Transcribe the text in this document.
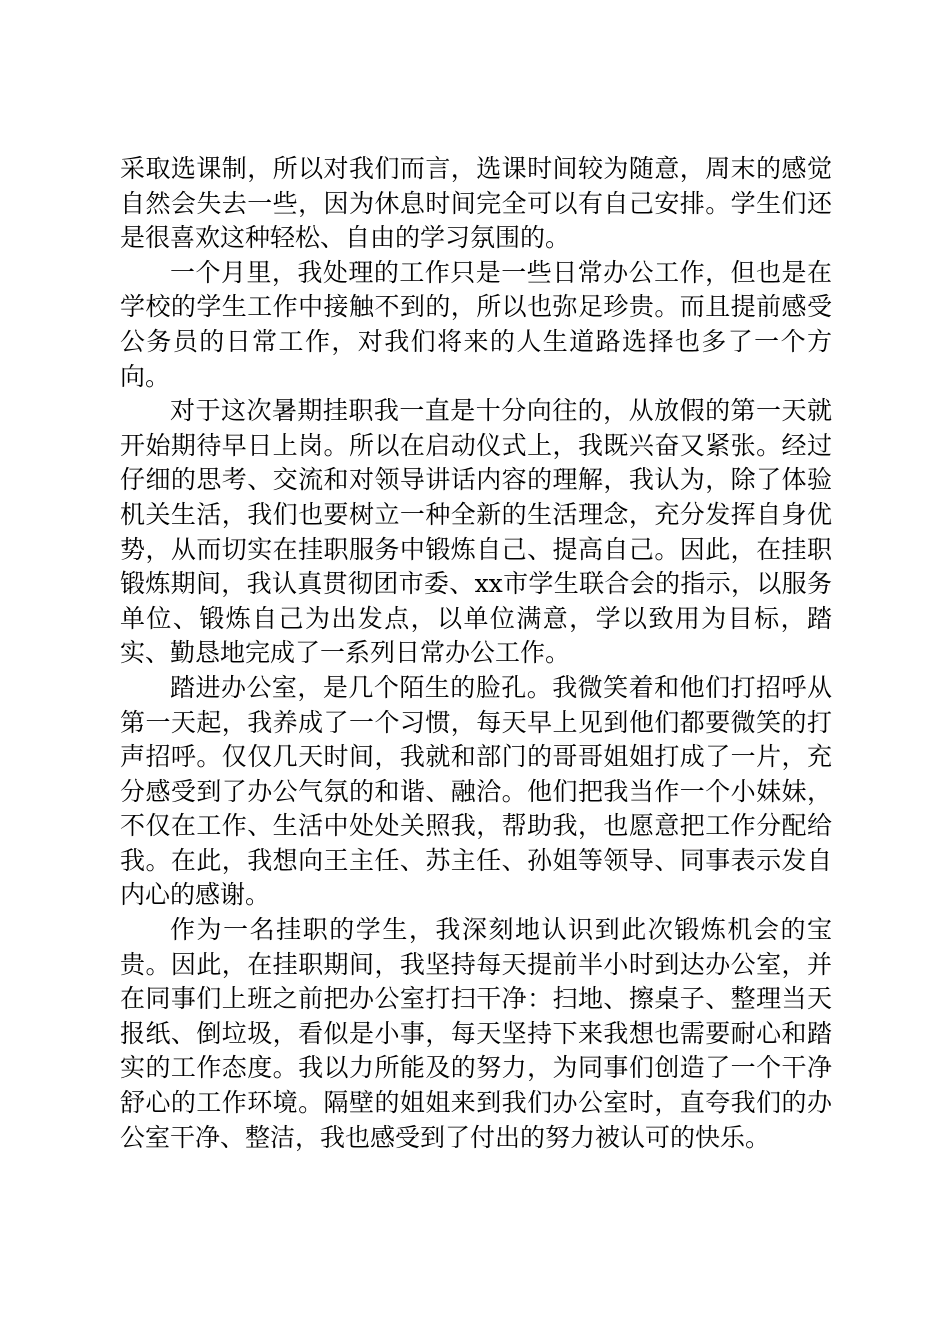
采取选课制，所以对我们而言，选课时间较为随意，周末的感觉自然会失去一些，因为休息时间完全可以有自己安排。学生们还是很喜欢这种轻松、自由的学习氛围的。

一个月里，我处理的工作只是一些日常办公工作，但也是在学校的学生工作中接触不到的，所以也弥足珍贵。而且提前感受公务员的日常工作，对我们将来的人生道路选择也多了一个方向。

对于这次暑期挂职我一直是十分向往的，从放假的第一天就开始期待早日上岗。所以在启动仪式上，我既兴奋又紧张。经过仔细的思考、交流和对领导讲话内容的理解，我认为，除了体验机关生活，我们也要树立一种全新的生活理念，充分发挥自身优势，从而切实在挂职服务中锻炼自己、提高自己。因此，在挂职锻炼期间，我认真贯彻团市委、xx市学生联合会的指示，以服务单位、锻炼自己为出发点，以单位满意，学以致用为目标，踏实、勤恳地完成了一系列日常办公工作。

踏进办公室，是几个陌生的脸孔。我微笑着和他们打招呼从第一天起，我养成了一个习惯，每天早上见到他们都要微笑的打声招呼。仅仅几天时间，我就和部门的哥哥姐姐打成了一片，充分感受到了办公气氛的和谐、融洽。他们把我当作一个小妹妹，不仅在工作、生活中处处关照我，帮助我，也愿意把工作分配给我。在此，我想向王主任、苏主任、孙姐等领导、同事表示发自内心的感谢。

作为一名挂职的学生，我深刻地认识到此次锻炼机会的宝贵。因此，在挂职期间，我坚持每天提前半小时到达办公室，并在同事们上班之前把办公室打扫干净：扫地、擦桌子、整理当天报纸、倒垃圾，看似是小事，每天坚持下来我想也需要耐心和踏实的工作态度。我以力所能及的努力，为同事们创造了一个干净舒心的工作环境。隔壁的姐姐来到我们办公室时，直夸我们的办公室干净、整洁，我也感受到了付出的努力被认可的快乐。
